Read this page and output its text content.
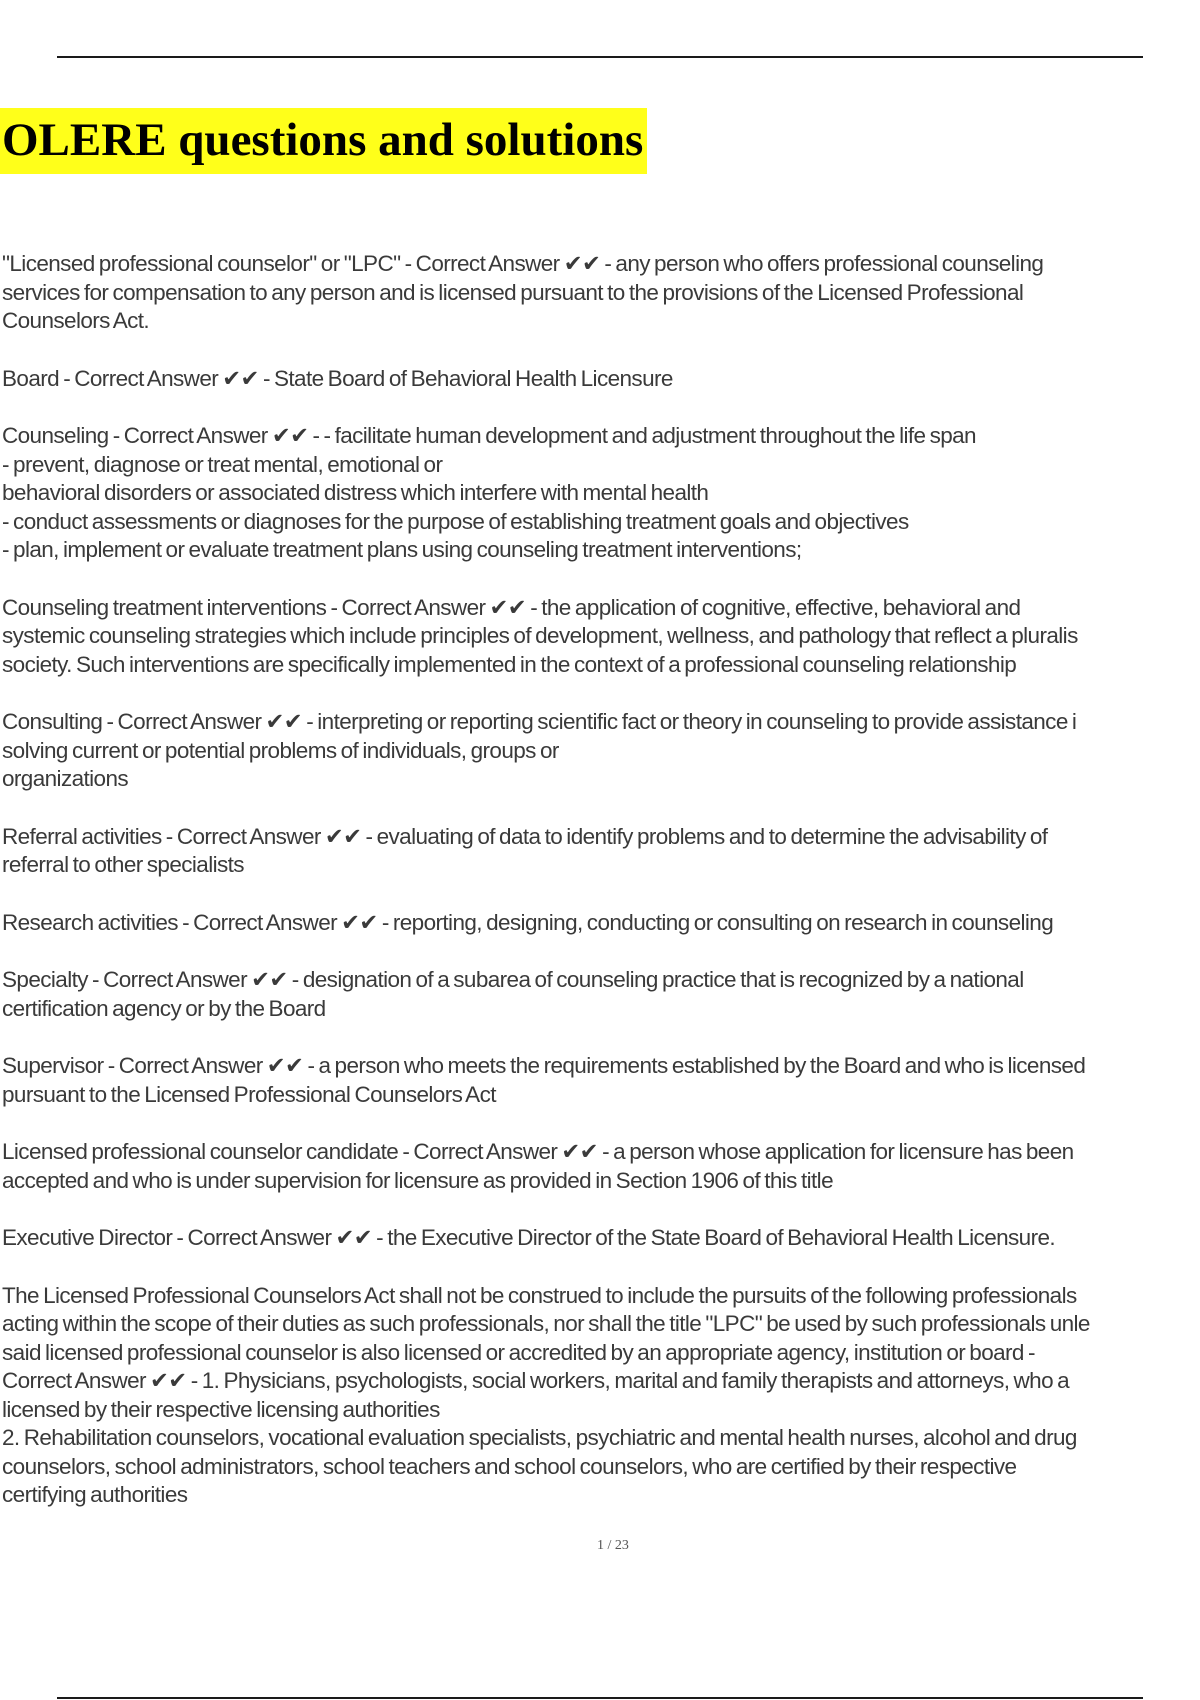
OLERE questions and solutions
"Licensed professional counselor" or "LPC" - Correct Answer ✔✔ - any person who offers professional counseling
services for compensation to any person and is licensed pursuant to the provisions of the Licensed Professional
Counselors Act.
Board - Correct Answer ✔✔ - State Board of Behavioral Health Licensure
Counseling - Correct Answer ✔✔ - - facilitate human development and adjustment throughout the life span
- prevent, diagnose or treat mental, emotional or
behavioral disorders or associated distress which interfere with mental health
- conduct assessments or diagnoses for the purpose of establishing treatment goals and objectives
- plan, implement or evaluate treatment plans using counseling treatment interventions;
Counseling treatment interventions - Correct Answer ✔✔ - the application of cognitive, effective, behavioral and
systemic counseling strategies which include principles of development, wellness, and pathology that reflect a pluralis
society. Such interventions are specifically implemented in the context of a professional counseling relationship
Consulting - Correct Answer ✔✔ - interpreting or reporting scientific fact or theory in counseling to provide assistance i
solving current or potential problems of individuals, groups or
organizations
Referral activities - Correct Answer ✔✔ - evaluating of data to identify problems and to determine the advisability of
referral to other specialists
Research activities - Correct Answer ✔✔ - reporting, designing, conducting or consulting on research in counseling
Specialty - Correct Answer ✔✔ - designation of a subarea of counseling practice that is recognized by a national
certification agency or by the Board
Supervisor - Correct Answer ✔✔ - a person who meets the requirements established by the Board and who is licensed
pursuant to the Licensed Professional Counselors Act
Licensed professional counselor candidate - Correct Answer ✔✔ - a person whose application for licensure has been
accepted and who is under supervision for licensure as provided in Section 1906 of this title
Executive Director - Correct Answer ✔✔ - the Executive Director of the State Board of Behavioral Health Licensure.
The Licensed Professional Counselors Act shall not be construed to include the pursuits of the following professionals
acting within the scope of their duties as such professionals, nor shall the title "LPC" be used by such professionals unle
said licensed professional counselor is also licensed or accredited by an appropriate agency, institution or board -
Correct Answer ✔✔ - 1. Physicians, psychologists, social workers, marital and family therapists and attorneys, who a
licensed by their respective licensing authorities
2. Rehabilitation counselors, vocational evaluation specialists, psychiatric and mental health nurses, alcohol and drug
counselors, school administrators, school teachers and school counselors, who are certified by their respective
certifying authorities
1 / 23
